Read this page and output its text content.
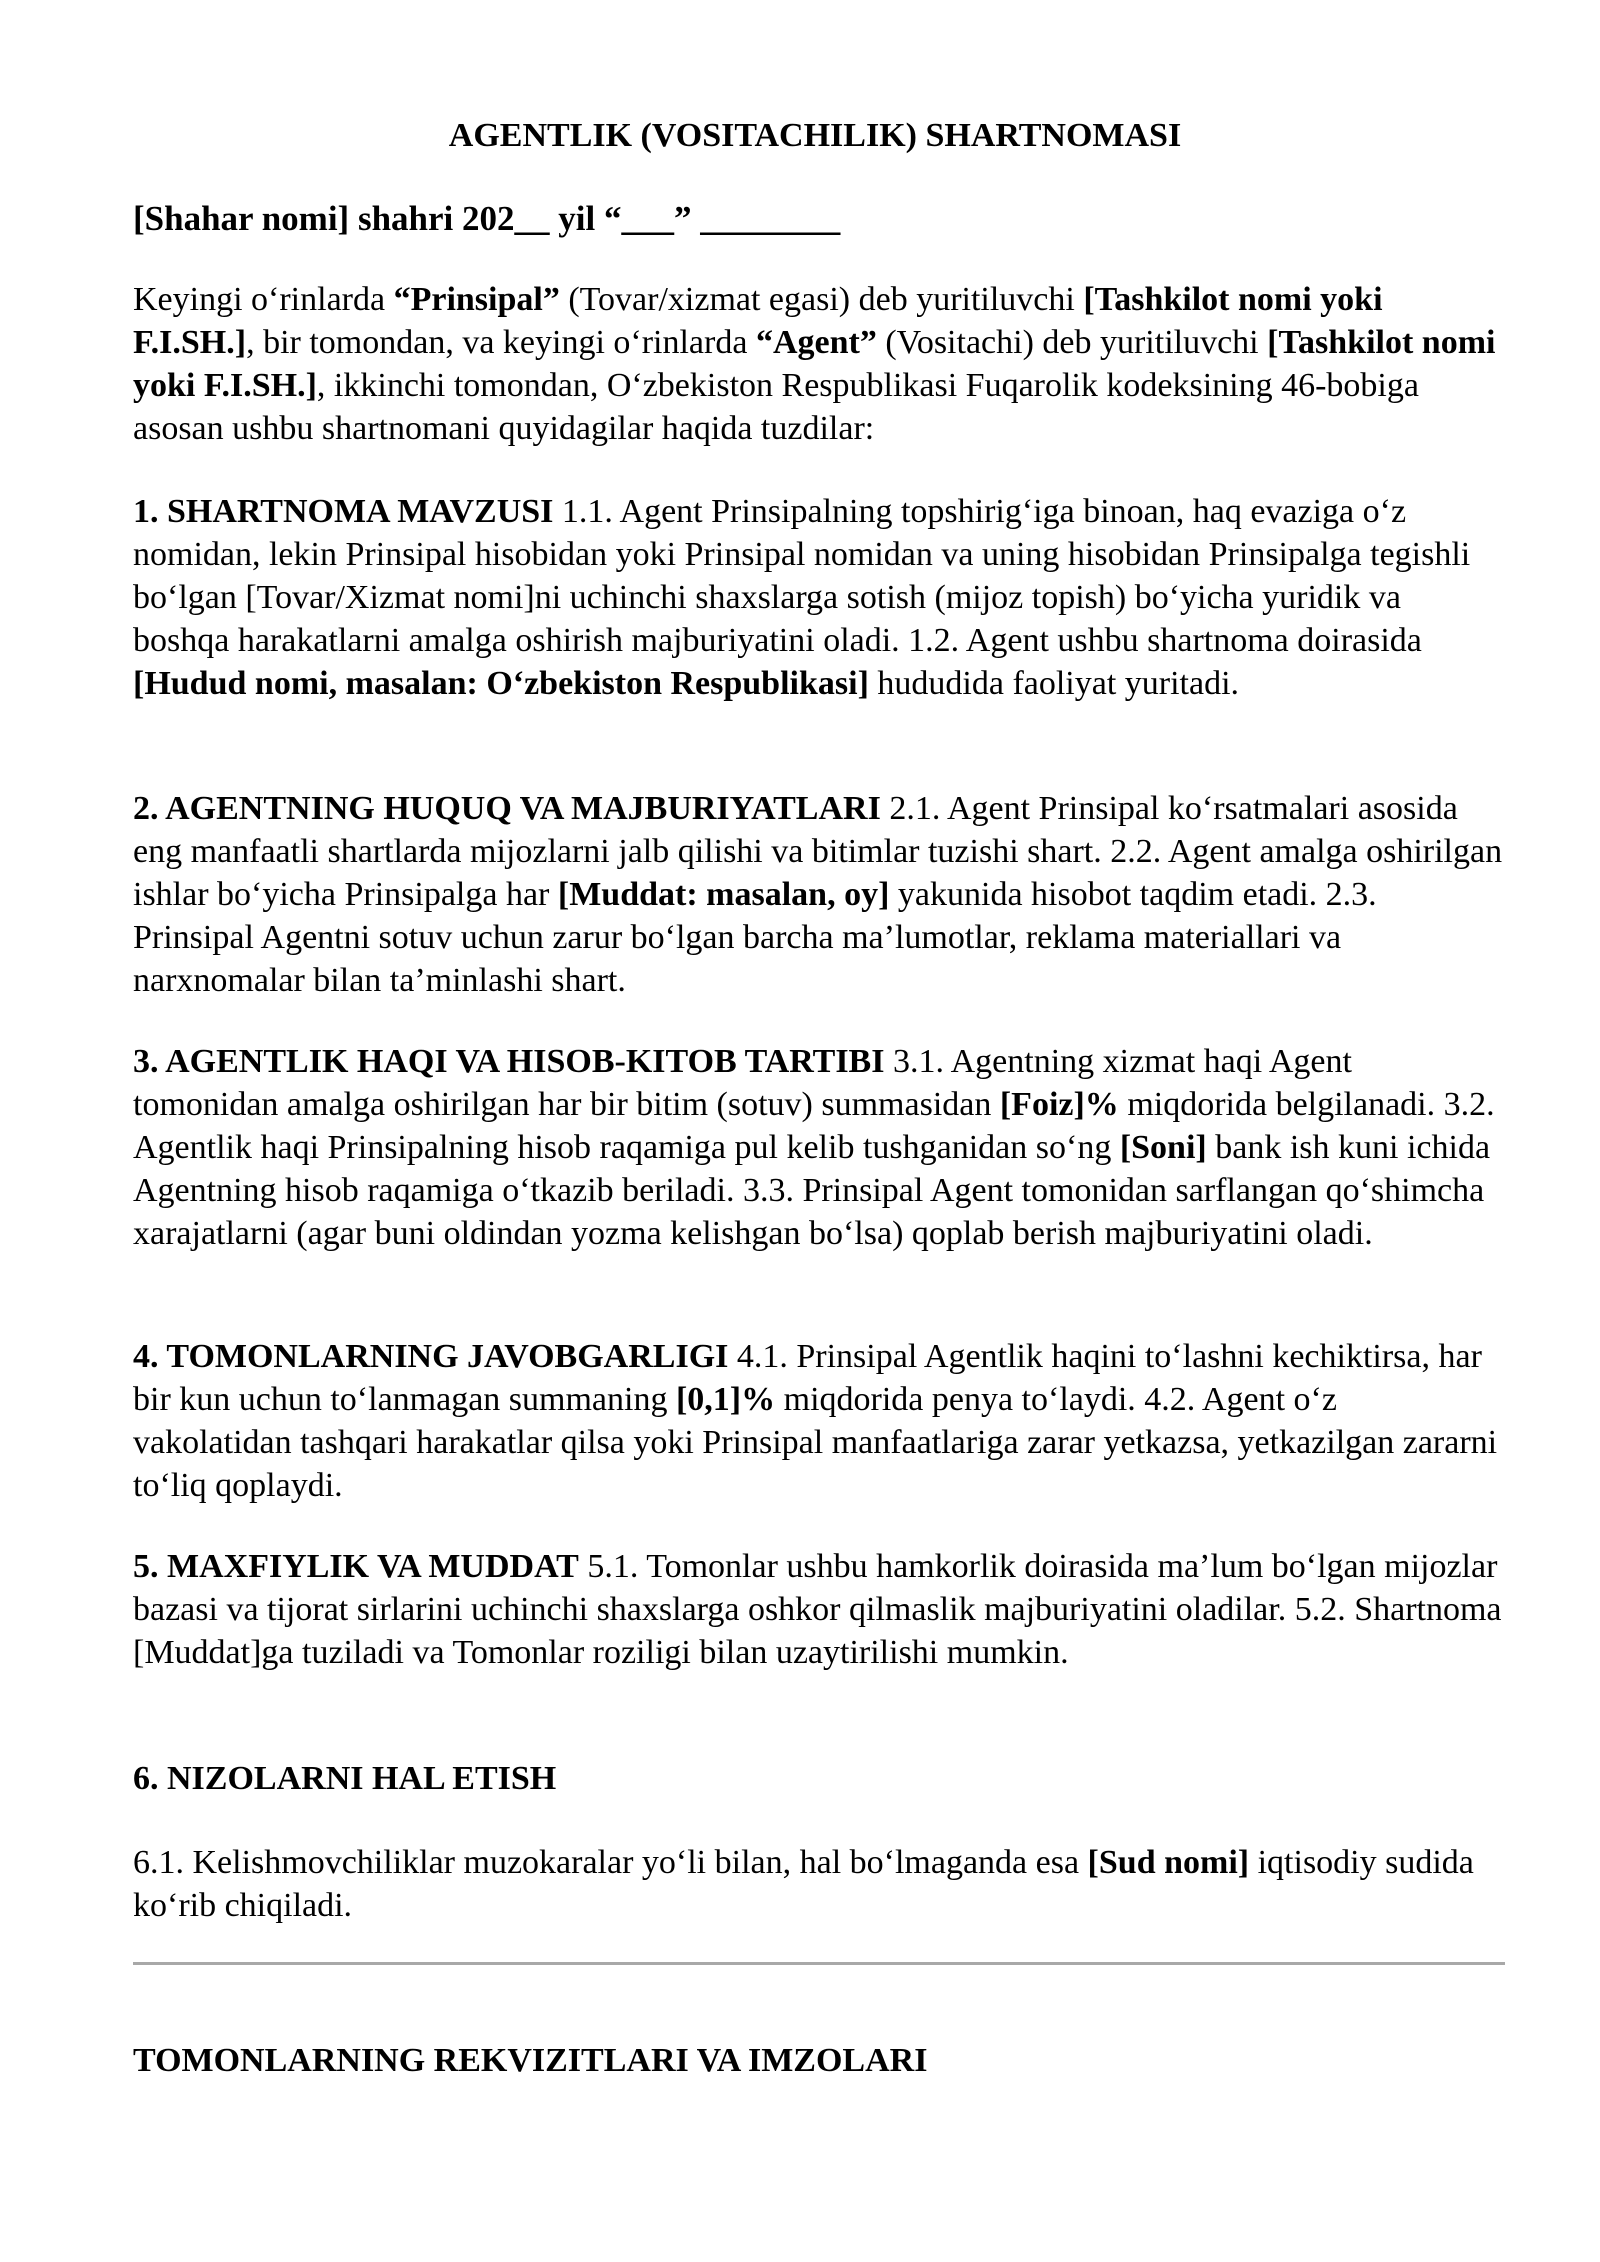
AGENTLIK (VOSITACHILIK) SHARTNOMASI

[Shahar nomi] shahri 202__ yil “___” ________

Keyingi o‘rinlarda “Prinsipal” (Tovar/xizmat egasi) deb yuritiluvchi [Tashkilot nomi yoki F.I.SH.], bir tomondan, va keyingi o‘rinlarda “Agent” (Vositachi) deb yuritiluvchi [Tashkilot nomi yoki F.I.SH.], ikkinchi tomondan, O‘zbekiston Respublikasi Fuqarolik kodeksining 46-bobiga asosan ushbu shartnomani quyidagilar haqida tuzdilar:

1. SHARTNOMA MAVZUSI 1.1. Agent Prinsipalning topshirig‘iga binoan, haq evaziga o‘z nomidan, lekin Prinsipal hisobidan yoki Prinsipal nomidan va uning hisobidan Prinsipalga tegishli bo‘lgan [Tovar/Xizmat nomi]ni uchinchi shaxslarga sotish (mijoz topish) bo‘yicha yuridik va boshqa harakatlarni amalga oshirish majburiyatini oladi. 1.2. Agent ushbu shartnoma doirasida [Hudud nomi, masalan: O‘zbekiston Respublikasi] hududida faoliyat yuritadi.

2. AGENTNING HUQUQ VA MAJBURIYATLARI 2.1. Agent Prinsipal ko‘rsatmalari asosida eng manfaatli shartlarda mijozlarni jalb qilishi va bitimlar tuzishi shart. 2.2. Agent amalga oshirilgan ishlar bo‘yicha Prinsipalga har [Muddat: masalan, oy] yakunida hisobot taqdim etadi. 2.3. Prinsipal Agentni sotuv uchun zarur bo‘lgan barcha ma’lumotlar, reklama materiallari va narxnomalar bilan ta’minlashi shart.

3. AGENTLIK HAQI VA HISOB-KITOB TARTIBI 3.1. Agentning xizmat haqi Agent tomonidan amalga oshirilgan har bir bitim (sotuv) summasidan [Foiz]% miqdorida belgilanadi. 3.2. Agentlik haqi Prinsipalning hisob raqamiga pul kelib tushganidan so‘ng [Soni] bank ish kuni ichida Agentning hisob raqamiga o‘tkazib beriladi. 3.3. Prinsipal Agent tomonidan sarflangan qo‘shimcha xarajatlarni (agar buni oldindan yozma kelishgan bo‘lsa) qoplab berish majburiyatini oladi.

4. TOMONLARNING JAVOBGARLIGI 4.1. Prinsipal Agentlik haqini to‘lashni kechiktirsa, har bir kun uchun to‘lanmagan summaning [0,1]% miqdorida penya to‘laydi. 4.2. Agent o‘z vakolatidan tashqari harakatlar qilsa yoki Prinsipal manfaatlariga zarar yetkazsa, yetkazilgan zararni to‘liq qoplaydi.

5. MAXFIYLIK VA MUDDAT 5.1. Tomonlar ushbu hamkorlik doirasida ma’lum bo‘lgan mijozlar bazasi va tijorat sirlarini uchinchi shaxslarga oshkor qilmaslik majburiyatini oladilar. 5.2. Shartnoma [Muddat]ga tuziladi va Tomonlar roziligi bilan uzaytirilishi mumkin.

6. NIZOLARNI HAL ETISH

6.1. Kelishmovchiliklar muzokaralar yo‘li bilan, hal bo‘lmaganda esa [Sud nomi] iqtisodiy sudida ko‘rib chiqiladi.

TOMONLARNING REKVIZITLARI VA IMZOLARI
